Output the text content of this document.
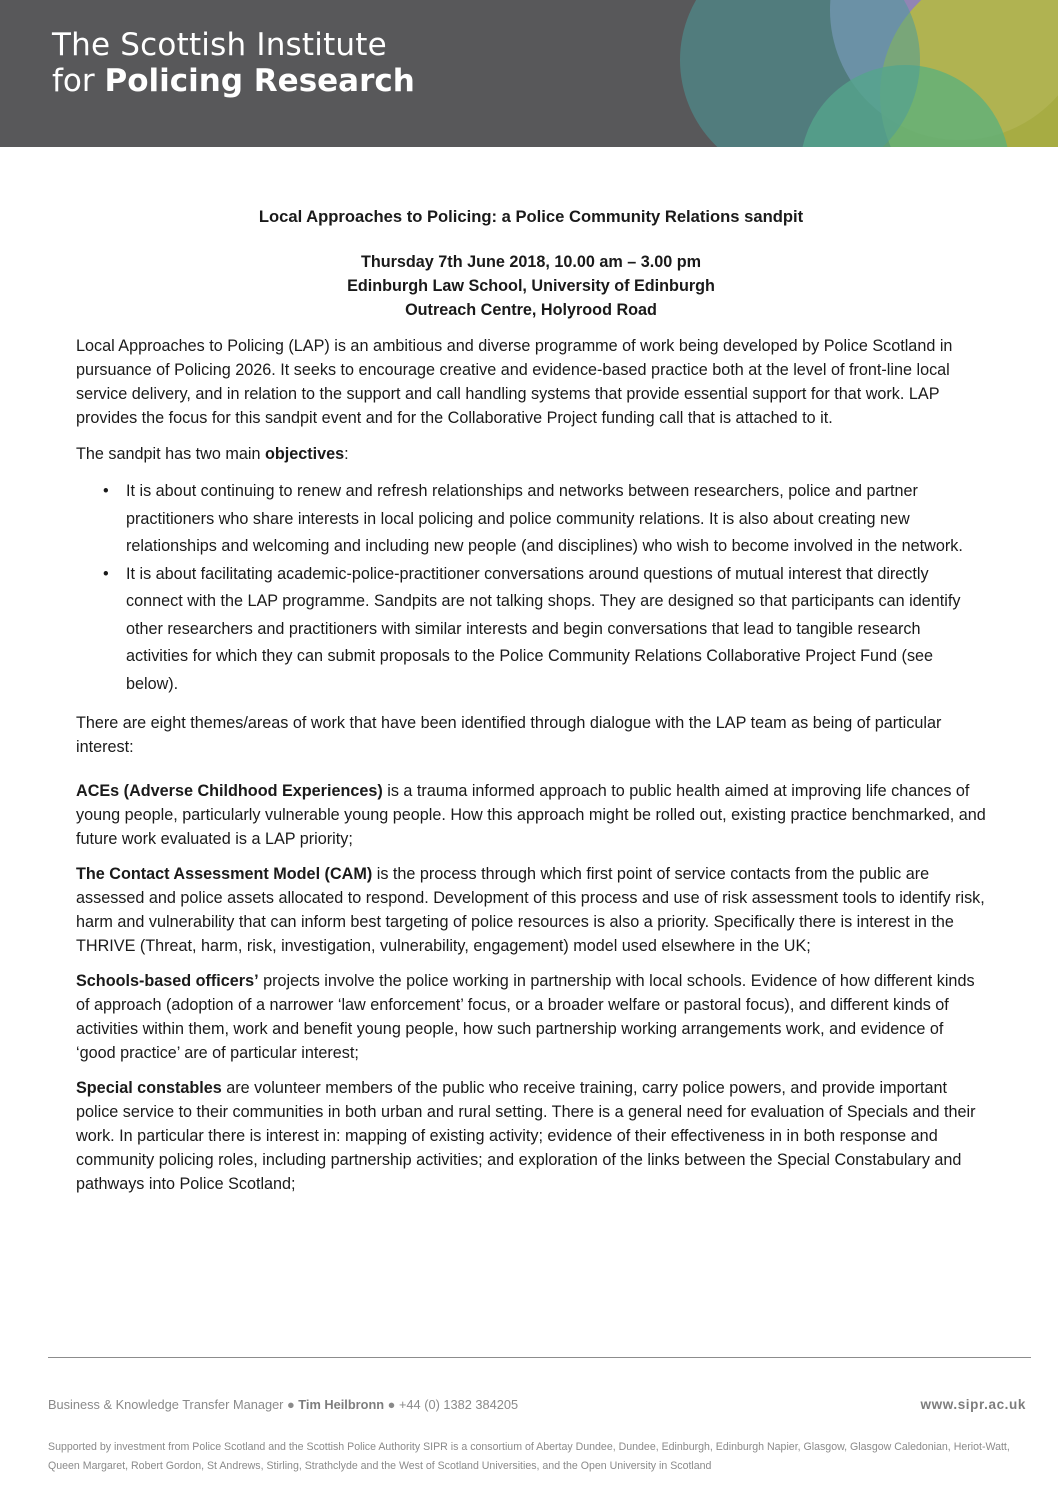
The Scottish Institute
for Policing Research
Local Approaches to Policing: a Police Community Relations sandpit
Thursday 7th June 2018, 10.00 am – 3.00 pm
Edinburgh Law School, University of Edinburgh
Outreach Centre, Holyrood Road

Local Approaches to Policing (LAP) is an ambitious and diverse programme of work being developed by Police Scotland in pursuance of Policing 2026. It seeks to encourage creative and evidence-based practice both at the level of front-line local service delivery, and in relation to the support and call handling systems that provide essential support for that work. LAP provides the focus for this sandpit event and for the Collaborative Project funding call that is attached to it.

The sandpit has two main objectives:

• It is about continuing to renew and refresh relationships and networks between researchers, police and partner practitioners who share interests in local policing and police community relations. It is also about creating new relationships and welcoming and including new people (and disciplines) who wish to become involved in the network.
• It is about facilitating academic-police-practitioner conversations around questions of mutual interest that directly connect with the LAP programme. Sandpits are not talking shops. They are designed so that participants can identify other researchers and practitioners with similar interests and begin conversations that lead to tangible research activities for which they can submit proposals to the Police Community Relations Collaborative Project Fund (see below).

There are eight themes/areas of work that have been identified through dialogue with the LAP team as being of particular interest:

ACEs (Adverse Childhood Experiences) is a trauma informed approach to public health aimed at improving life chances of young people, particularly vulnerable young people. How this approach might be rolled out, existing practice benchmarked, and future work evaluated is a LAP priority;

The Contact Assessment Model (CAM) is the process through which first point of service contacts from the public are assessed and police assets allocated to respond. Development of this process and use of risk assessment tools to identify risk, harm and vulnerability that can inform best targeting of police resources is also a priority. Specifically there is interest in the THRIVE (Threat, harm, risk, investigation, vulnerability, engagement) model used elsewhere in the UK;

Schools-based officers’ projects involve the police working in partnership with local schools. Evidence of how different kinds of approach (adoption of a narrower ‘law enforcement’ focus, or a broader welfare or pastoral focus), and different kinds of activities within them, work and benefit young people, how such partnership working arrangements work, and evidence of ‘good practice’ are of particular interest;

Special constables are volunteer members of the public who receive training, carry police powers, and provide important police service to their communities in both urban and rural setting. There is a general need for evaluation of Specials and their work. In particular there is interest in: mapping of existing activity; evidence of their effectiveness in in both response and community policing roles, including partnership activities; and exploration of the links between the Special Constabulary and pathways into Police Scotland;

Business & Knowledge Transfer Manager ● Tim Heilbronn ● +44 (0) 1382 384205	www.sipr.ac.uk
Supported by investment from Police Scotland and the Scottish Police Authority SIPR is a consortium of Abertay Dundee, Dundee, Edinburgh, Edinburgh Napier, Glasgow, Glasgow Caledonian, Heriot-Watt, Queen Margaret, Robert Gordon, St Andrews, Stirling, Strathclyde and the West of Scotland Universities, and the Open University in Scotland
